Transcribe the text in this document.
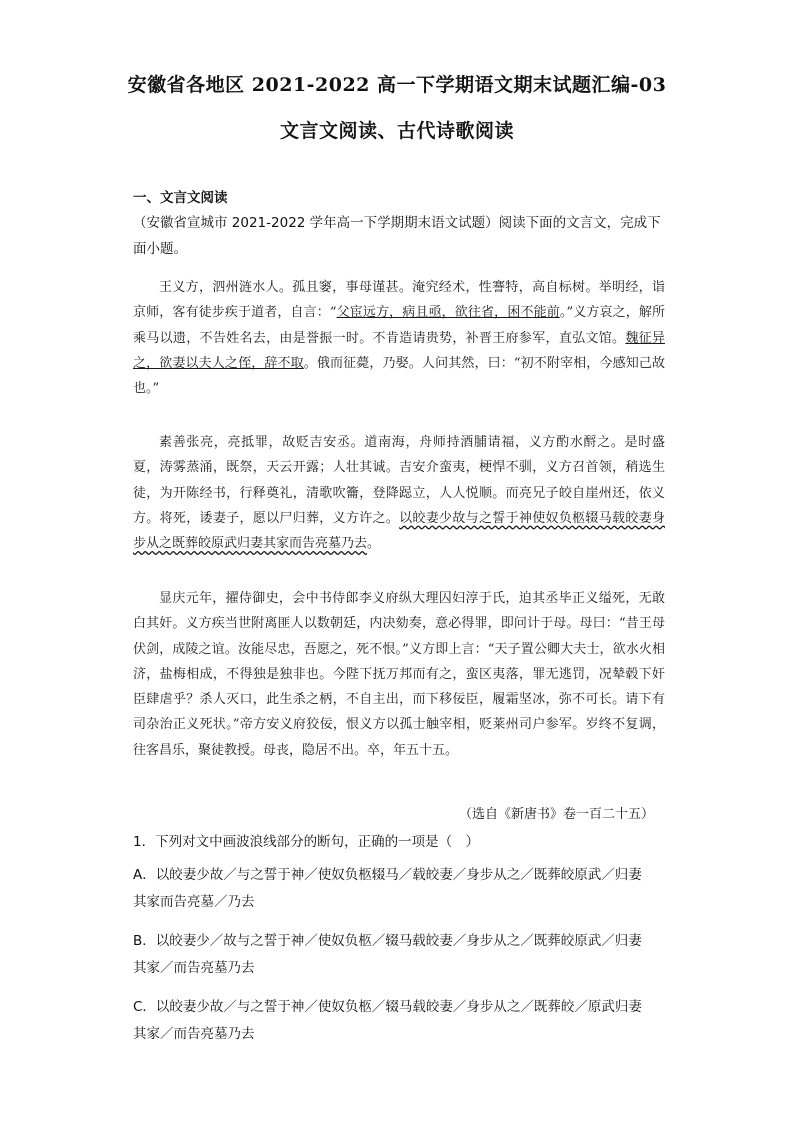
安徽省各地区 2021-2022 高一下学期语文期末试题汇编-03
文言文阅读、古代诗歌阅读
一、文言文阅读
（安徽省宣城市 2021-2022 学年高一下学期期末语文试题）阅读下面的文言文，完成下面小题。
王义方，泗州涟水人。孤且窭，事母谨甚。淹究经术，性謇特，高自标树。举明经，诣京师，客有徒步疾于道者，自言：“父宦远方，病且亟，欲往省，困不能前。”义方哀之，解所乘马以遗，不告姓名去，由是誉振一时。不肯造请贵势，补晋王府参军，直弘文馆。魏征异之，欲妻以夫人之侄，辞不取。俄而征薨，乃娶。人问其然，曰：“初不附宰相，今感知己故也。”
素善张亮，亮抵罪，故贬吉安丞。道南海，舟师持酒脯请福，义方酌水酹之。是时盛夏，涛雾蒸涌，既祭，天云开露；人壮其诚。吉安介蛮夷，梗悍不驯，义方召首领，稍选生徒，为开陈经书，行释奠礼，清歌吹籥，登降跽立，人人悦顺。而亮兄子皎自崖州还，依义方。将死，诿妻子，愿以尸归葬，义方许之。以皎妻少故与之誓于神使奴负柩辍马载皎妻身步从之既葬皎原武归妻其家而告亮墓乃去。
显庆元年，擢侍御史，会中书侍郎李义府纵大理囚妇淳于氏，迫其丞毕正义缢死，无敢白其奸。义方疾当世附离匪人以数朝廷，内决劾奏，意必得罪，即问计于母。母曰：“昔王母伏剑，成陵之谊。汝能尽忠，吾愿之，死不恨。”义方即上言：“天子置公卿大夫士，欲水火相济，盐梅相成，不得独是独非也。今陛下抚万邦而有之，蛮区夷落，罪无逃罚，况辇毂下奸臣肆虐乎？杀人灭口，此生杀之柄，不自主出，而下移佞臣，履霜坚冰，弥不可长。请下有司杂治正义死状。”帝方安义府狡佞，恨义方以孤士触宰相，贬莱州司户参军。岁终不复调，往客昌乐，聚徒教授。母丧，隐居不出。卒，年五十五。
（选自《新唐书》卷一百二十五）
1．下列对文中画波浪线部分的断句，正确的一项是（　）
A．以皎妻少故／与之誓于神／使奴负柩辍马／载皎妻／身步从之／既葬皎原武／归妻
其家而告亮墓／乃去
B．以皎妻少／故与之誓于神／使奴负柩／辍马载皎妻／身步从之／既葬皎原武／归妻
其家／而告亮墓乃去
C．以皎妻少故／与之誓于神／使奴负柩／辍马载皎妻／身步从之／既葬皎／原武归妻
其家／而告亮墓乃去
